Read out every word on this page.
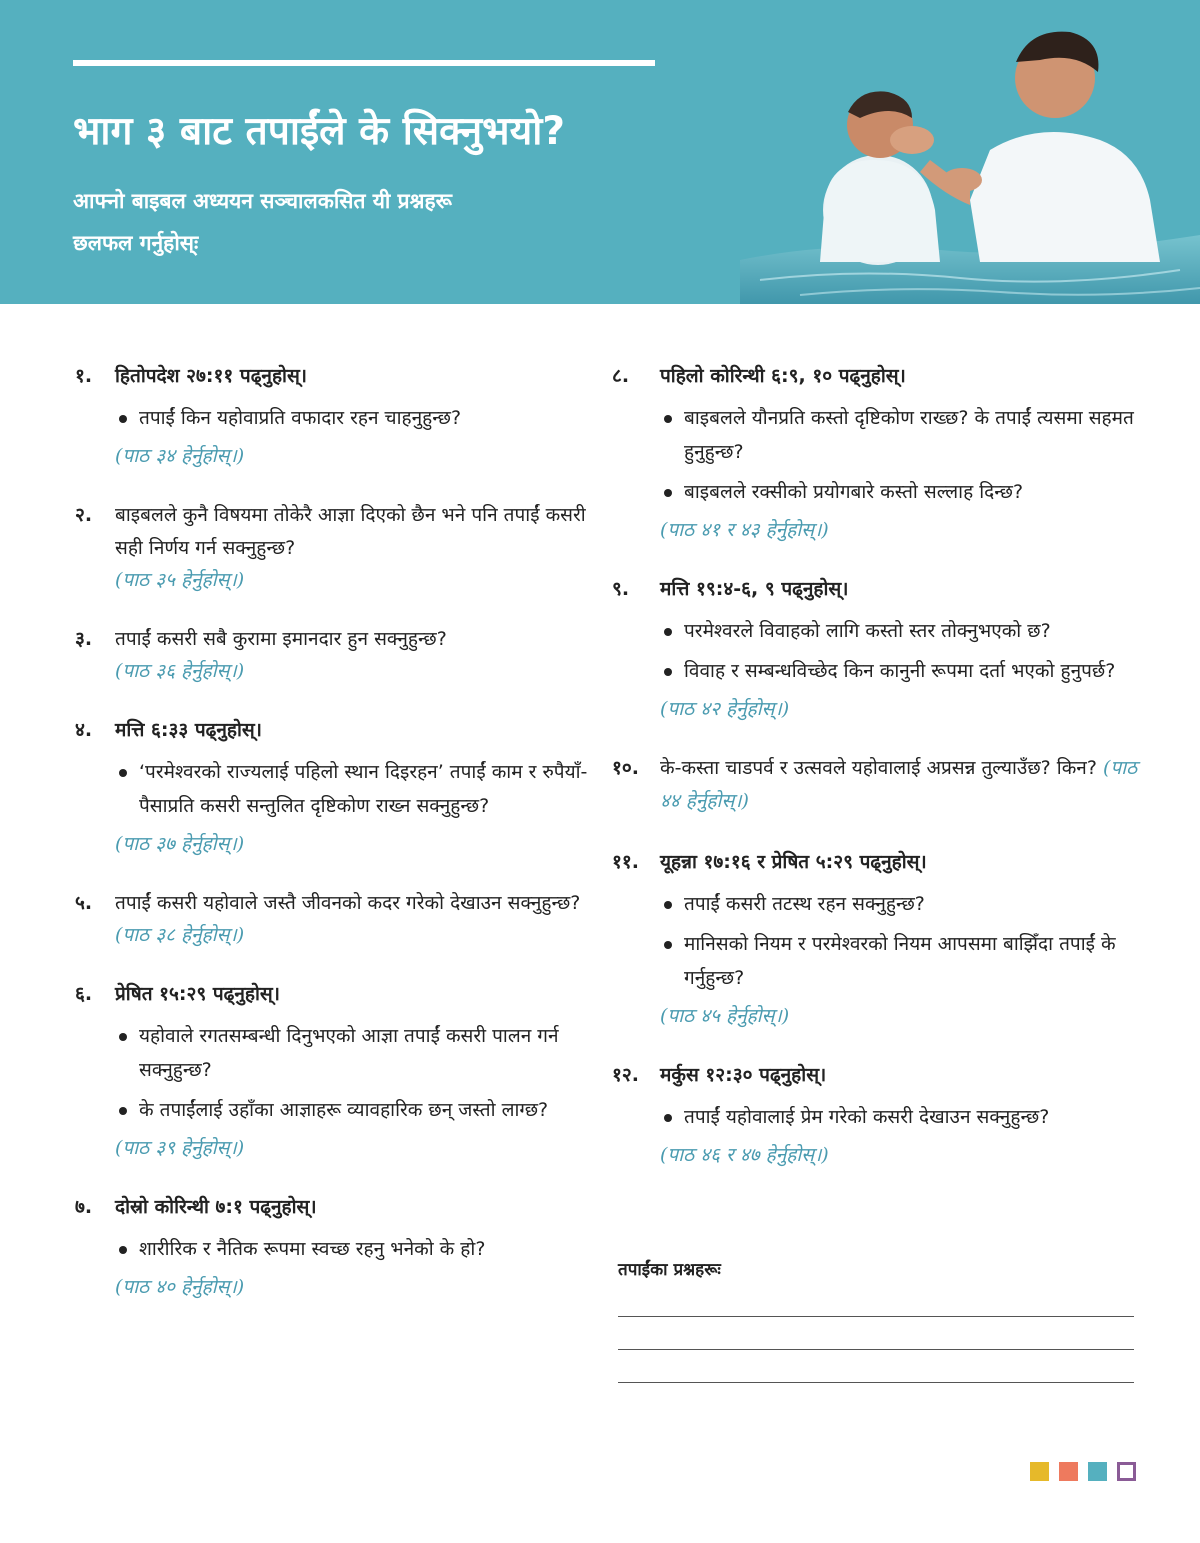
भाग ३ बाट तपाईंले के सिक्नुभयो?

आफ्नो बाइबल अध्ययन सञ्चालकसित यी प्रश्नहरू
छलफल गर्नुहोस्ः

१.	हितोपदेश २७:११ पढ्नुहोस्।
तपाईं किन यहोवाप्रति वफादार रहन चाहनुहुन्छ?
(पाठ ३४ हेर्नुहोस्।)
२.	बाइबलले कुनै विषयमा तोकेरै आज्ञा दिएको छैन भने पनि तपाईं कसरी सही निर्णय गर्न सक्नुहुन्छ?
(पाठ ३५ हेर्नुहोस्।)
३.	तपाईं कसरी सबै कुरामा इमानदार हुन सक्नुहुन्छ?
(पाठ ३६ हेर्नुहोस्।)
४.	मत्ति ६:३३ पढ्नुहोस्।
‘परमेश्वरको राज्यलाई पहिलो स्थान दिइरहन’ तपाईं काम र रुपैयाँ-पैसाप्रति कसरी सन्तुलित दृष्टिकोण राख्न सक्नुहुन्छ?
(पाठ ३७ हेर्नुहोस्।)
५.	तपाईं कसरी यहोवाले जस्तै जीवनको कदर गरेको देखाउन सक्नुहुन्छ?
(पाठ ३८ हेर्नुहोस्।)
६.	प्रेषित १५:२९ पढ्नुहोस्।
यहोवाले रगतसम्बन्धी दिनुभएको आज्ञा तपाईं कसरी पालन गर्न सक्नुहुन्छ?
के तपाईंलाई उहाँका आज्ञाहरू व्यावहारिक छन् जस्तो लाग्छ?
(पाठ ३९ हेर्नुहोस्।)
७.	दोस्रो कोरिन्थी ७:१ पढ्नुहोस्।
शारीरिक र नैतिक रूपमा स्वच्छ रहनु भनेको के हो?
(पाठ ४० हेर्नुहोस्।)
८.	पहिलो कोरिन्थी ६:९, १० पढ्नुहोस्।
बाइबलले यौनप्रति कस्तो दृष्टिकोण राख्छ? के तपाईं त्यसमा सहमत हुनुहुन्छ?
बाइबलले रक्सीको प्रयोगबारे कस्तो सल्लाह दिन्छ?
(पाठ ४१ र ४३ हेर्नुहोस्।)
९.	मत्ति १९:४-६, ९ पढ्नुहोस्।
परमेश्वरले विवाहको लागि कस्तो स्तर तोक्नुभएको छ?
विवाह र सम्बन्धविच्छेद किन कानुनी रूपमा दर्ता भएको हुनुपर्छ?
(पाठ ४२ हेर्नुहोस्।)
१०.	के-कस्ता चाडपर्व र उत्सवले यहोवालाई अप्रसन्न तुल्याउँछ? किन? (पाठ ४४ हेर्नुहोस्।)
११.	यूहन्ना १७:१६ र प्रेषित ५:२९ पढ्नुहोस्।
तपाईं कसरी तटस्थ रहन सक्नुहुन्छ?
मानिसको नियम र परमेश्वरको नियम आपसमा बाझिँदा तपाईं के गर्नुहुन्छ?
(पाठ ४५ हेर्नुहोस्।)
१२.	मर्कुस १२:३० पढ्नुहोस्।
तपाईं यहोवालाई प्रेम गरेको कसरी देखाउन सक्नुहुन्छ?
(पाठ ४६ र ४७ हेर्नुहोस्।)
तपाईंका प्रश्नहरूः
